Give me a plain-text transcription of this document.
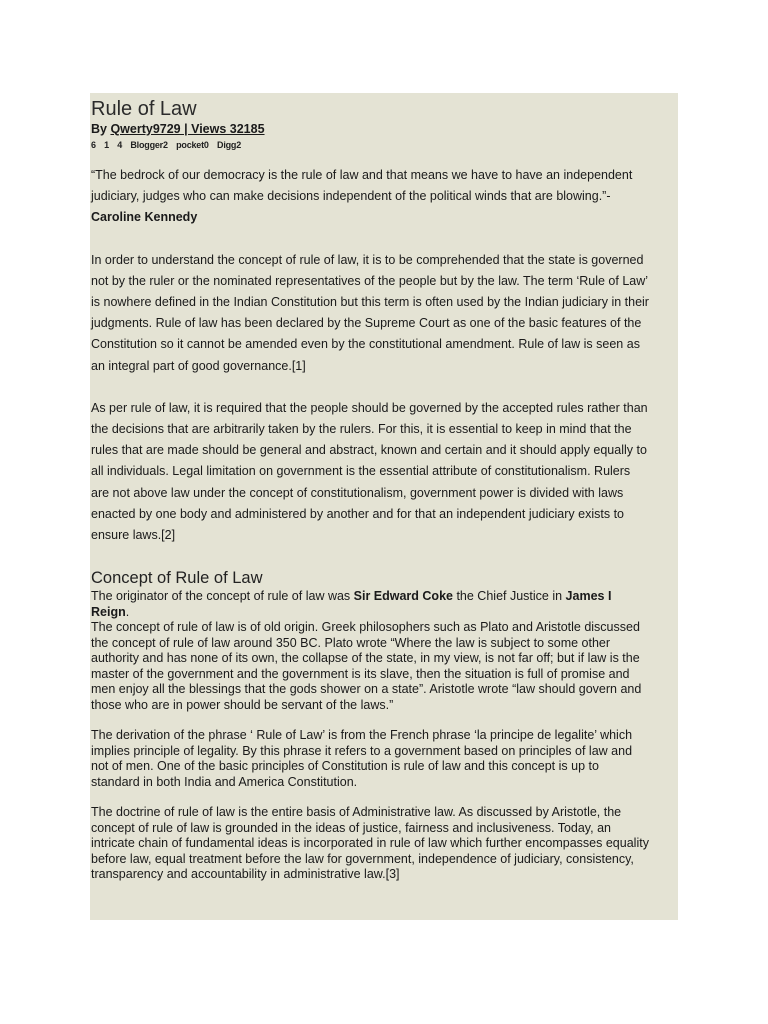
Rule of Law
By Qwerty9729 | Views 32185
6 1 4 Blogger2 pocket0 Digg2

“The bedrock of our democracy is the rule of law and that means we have to have an independent judiciary, judges who can make decisions independent of the political winds that are blowing.”-
Caroline Kennedy

In order to understand the concept of rule of law, it is to be comprehended that the state is governed not by the ruler or the nominated representatives of the people but by the law. The term ‘Rule of Law’ is nowhere defined in the Indian Constitution but this term is often used by the Indian judiciary in their judgments. Rule of law has been declared by the Supreme Court as one of the basic features of the Constitution so it cannot be amended even by the constitutional amendment. Rule of law is seen as an integral part of good governance.[1]

As per rule of law, it is required that the people should be governed by the accepted rules rather than the decisions that are arbitrarily taken by the rulers. For this, it is essential to keep in mind that the rules that are made should be general and abstract, known and certain and it should apply equally to all individuals. Legal limitation on government is the essential attribute of constitutionalism. Rulers are not above law under the concept of constitutionalism, government power is divided with laws enacted by one body and administered by another and for that an independent judiciary exists to ensure laws.[2]

Concept of Rule of Law

The originator of the concept of rule of law was Sir Edward Coke the Chief Justice in James I Reign.

The concept of rule of law is of old origin. Greek philosophers such as Plato and Aristotle discussed the concept of rule of law around 350 BC. Plato wrote “Where the law is subject to some other authority and has none of its own, the collapse of the state, in my view, is not far off; but if law is the master of the government and the government is its slave, then the situation is full of promise and men enjoy all the blessings that the gods shower on a state”. Aristotle wrote “law should govern and those who are in power should be servant of the laws.”

The derivation of the phrase ‘ Rule of Law’ is from the French phrase ‘la principe de legalite’ which implies principle of legality. By this phrase it refers to a government based on principles of law and not of men. One of the basic principles of Constitution is rule of law and this concept is up to standard in both India and America Constitution.

The doctrine of rule of law is the entire basis of Administrative law. As discussed by Aristotle, the concept of rule of law is grounded in the ideas of justice, fairness and inclusiveness. Today, an intricate chain of fundamental ideas is incorporated in rule of law which further encompasses equality before law, equal treatment before the law for government, independence of judiciary, consistency, transparency and accountability in administrative law.[3]
